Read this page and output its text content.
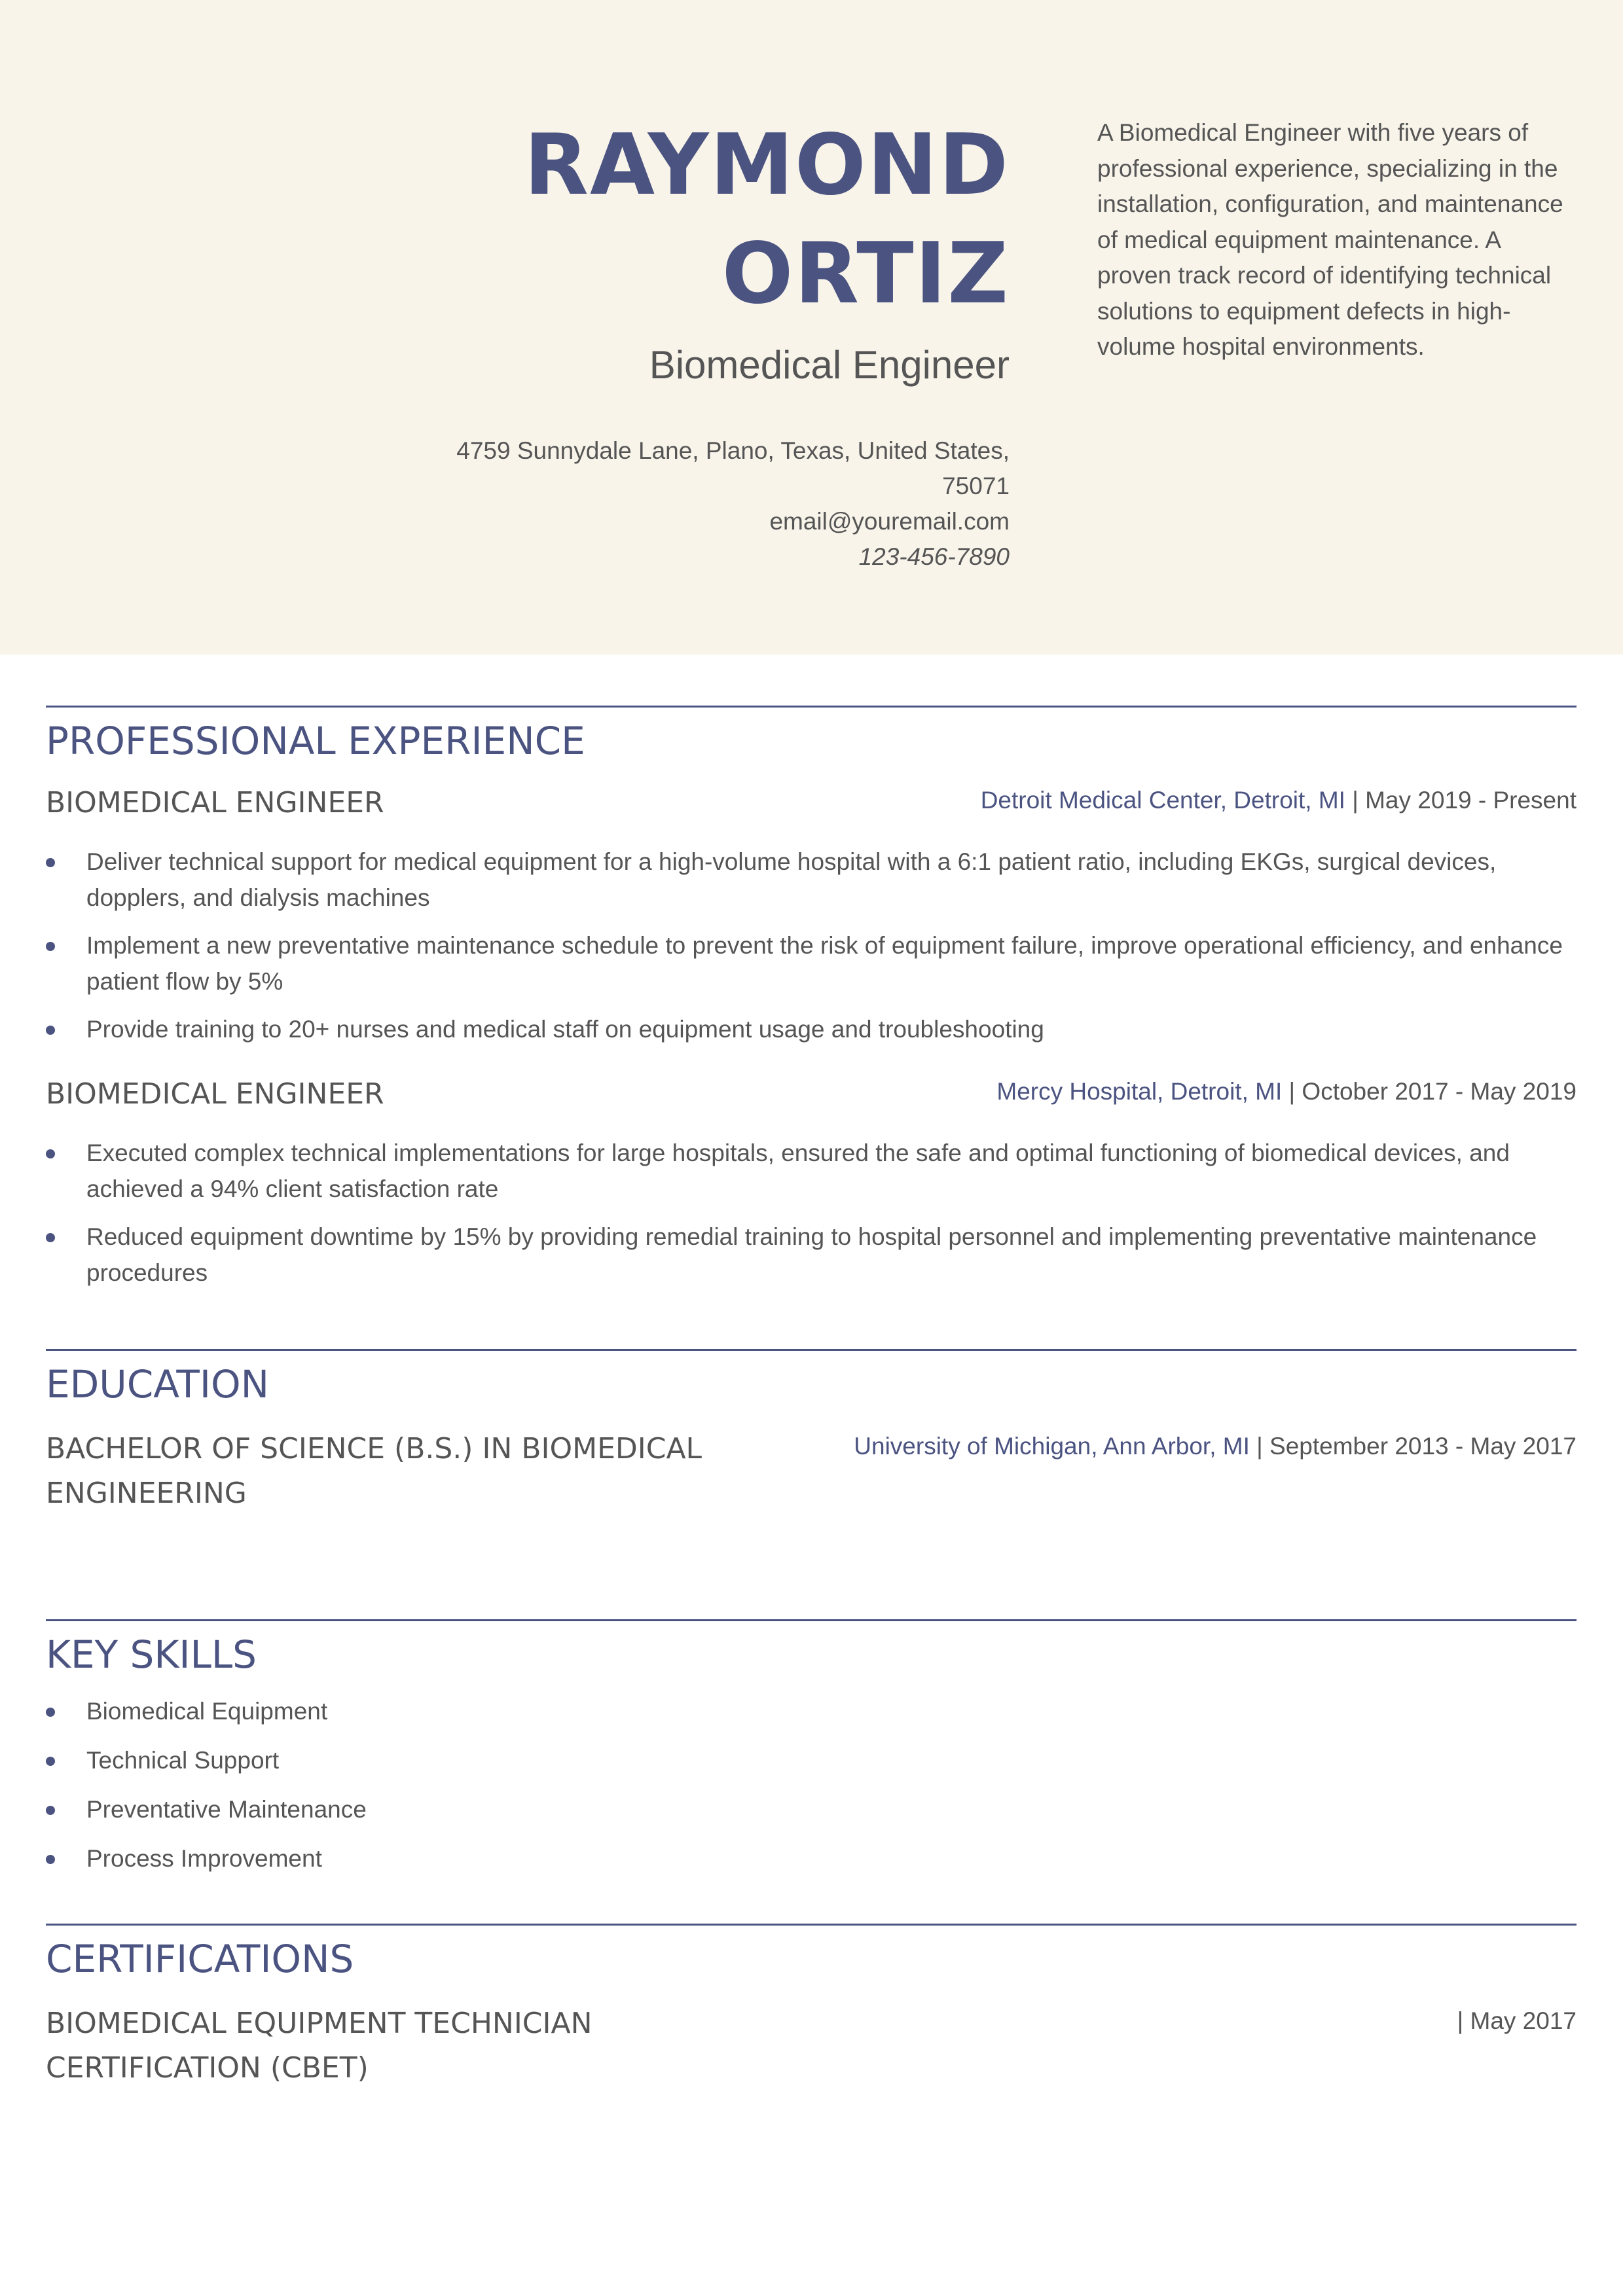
RAYMOND
ORTIZ
Biomedical Engineer
4759 Sunnydale Lane, Plano, Texas, United States,
75071
email@youremail.com
123-456-7890
A Biomedical Engineer with five years of professional experience, specializing in the installation, configuration, and maintenance of medical equipment maintenance. A proven track record of identifying technical solutions to equipment defects in high-volume hospital environments.
PROFESSIONAL EXPERIENCE
BIOMEDICAL ENGINEER	Detroit Medical Center, Detroit, MI | May 2019 - Present
Deliver technical support for medical equipment for a high-volume hospital with a 6:1 patient ratio, including EKGs, surgical devices, dopplers, and dialysis machines
Implement a new preventative maintenance schedule to prevent the risk of equipment failure, improve operational efficiency, and enhance patient flow by 5%
Provide training to 20+ nurses and medical staff on equipment usage and troubleshooting
BIOMEDICAL ENGINEER	Mercy Hospital, Detroit, MI | October 2017 - May 2019
Executed complex technical implementations for large hospitals, ensured the safe and optimal functioning of biomedical devices, and achieved a 94% client satisfaction rate
Reduced equipment downtime by 15% by providing remedial training to hospital personnel and implementing preventative maintenance procedures
EDUCATION
BACHELOR OF SCIENCE (B.S.) IN BIOMEDICAL ENGINEERING
University of Michigan, Ann Arbor, MI | September 2013 - May 2017
KEY SKILLS
Biomedical Equipment
Technical Support
Preventative Maintenance
Process Improvement
CERTIFICATIONS
BIOMEDICAL EQUIPMENT TECHNICIAN CERTIFICATION (CBET)
| May 2017
